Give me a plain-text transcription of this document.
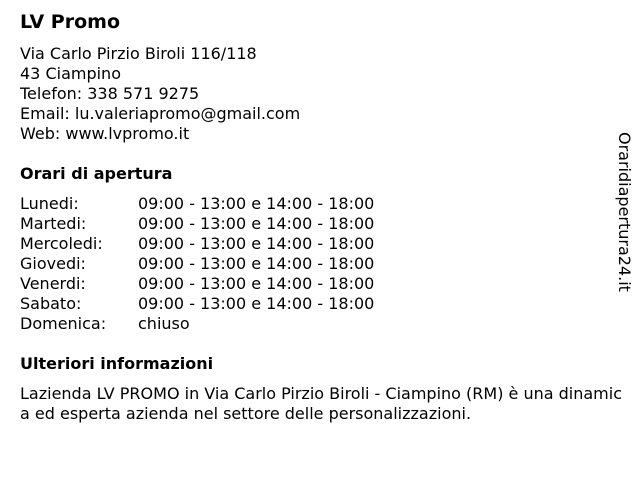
LV Promo
Via Carlo Pirzio Biroli 116/118
43 Ciampino
Telefon: 338 571 9275
Email: lu.valeriapromo@gmail.com
Web: www.lvpromo.it
Orari di apertura
Lunedi:	09:00 - 13:00 e 14:00 - 18:00
Martedi:	09:00 - 13:00 e 14:00 - 18:00
Mercoledi: 09:00 - 13:00 e 14:00 - 18:00
Giovedi:	09:00 - 13:00 e 14:00 - 18:00
Venerdi:	09:00 - 13:00 e 14:00 - 18:00
Sabato:	09:00 - 13:00 e 14:00 - 18:00
Domenica: chiuso
Ulteriori informazioni
Lazienda LV PROMO in Via Carlo Pirzio Biroli - Ciampino (RM) è una dinamica ed esperta azienda nel settore delle personalizzazioni.
Oraridiapertura24.it
